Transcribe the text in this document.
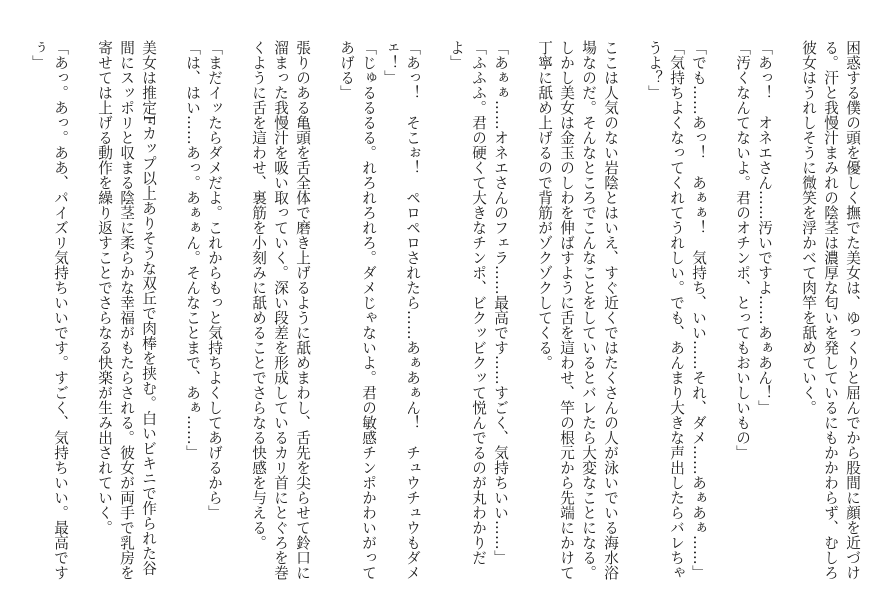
困惑する僕の頭を優しく撫でた美女は、ゆっくりと屈んでから股間に顔を近づける。汗と我慢汁まみれの陰茎は濃厚な匂いを発しているにもかかわらず、むしろ彼女はうれしそうに微笑を浮かべて肉竿を舐めていく。

「あっ！　オネエさん……汚いですよ……あぁあん！」

「汚くなんてないよ。君のオチンポ、とってもおいしいもの」

「でも……あっ！　あぁぁ！　気持ち、いい……それ、ダメ……あぁあぁ……」

「気持ちよくなってくれてうれしい。でも、あんまり大きな声出したらバレちゃうよ？」

ここは人気のない岩陰とはいえ、すぐ近くではたくさんの人が泳いでいる海水浴場なのだ。そんなところでこんなことをしているとバレたら大変なことになる。しかし美女は金玉のしわを伸ばすように舌を這わせ、竿の根元から先端にかけて丁寧に舐め上げるので背筋がゾクゾクしてくる。

「あぁぁ……オネエさんのフェラ……最高です……すごく、気持ちいい……」

「ふふふ。君の硬くて大きなチンポ、ビクッビクッて悦んでるのが丸わかりだよ」

「あっ！　そこぉ！　ペロペロされたら……あぁあぁん！　チュウチュウもダメェ！」

「じゅるるるる。れろれろれろ。ダメじゃないよ。君の敏感チンポかわいがってあげる」

張りのある亀頭を舌全体で磨き上げるように舐めまわし、舌先を尖らせて鈴口に溜まった我慢汁を吸い取っていく。深い段差を形成しているカリ首にとぐろを巻くように舌を這わせ、裏筋を小刻みに舐めることでさらなる快感を与える。

「まだイッたらダメだよ。これからもっと気持ちよくしてあげるから」

「は、はい……あっ。あぁぁん。そんなことまで、あぁ……」

美女は推定Fカップ以上ありそうな双丘で肉棒を挟む。白いビキニで作られた谷間にスッポリと収まる陰茎に柔らかな幸福がもたらされる。彼女が両手で乳房を寄せては上げる動作を繰り返すことでさらなる快楽が生み出されていく。

「あっ。あっ。ああ、パイズリ気持ちいいです。すごく、気持ちいい。最高ですぅ」
